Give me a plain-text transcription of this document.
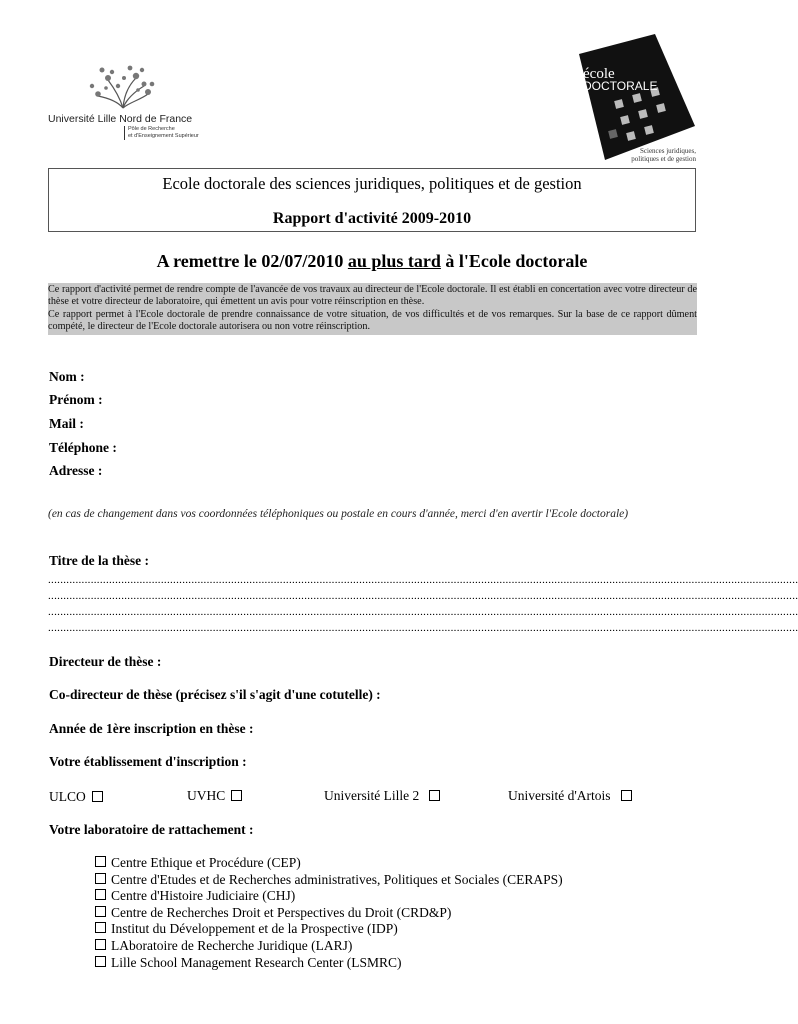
Université Lille Nord de France
Pôle de Recherche
et d'Enseignement Supérieur
école
DOCTORALE
Sciences juridiques,
politiques et de gestion
Ecole doctorale des sciences juridiques, politiques et de gestion
Rapport d'activité 2009-2010
A remettre le 02/07/2010 au plus tard à l'Ecole doctorale

Ce rapport d'activité permet de rendre compte de l'avancée de vos travaux au directeur de l'Ecole doctorale. Il est établi en concertation avec votre directeur de thèse et votre directeur de laboratoire, qui émettent un avis pour votre réinscription en thèse.

Ce rapport permet à l'Ecole doctorale de prendre connaissance de votre situation, de vos difficultés et de vos remarques. Sur la base de ce rapport dûment compété, le directeur de l'Ecole doctorale autorisera ou non votre réinscription.

Nom :
Prénom :
Mail :
Téléphone :
Adresse :
(en cas de changement dans vos coordonnées téléphoniques ou postale en cours d'année, merci d'en avertir l'Ecole doctorale)
Titre de la thèse :
......................................................................................................................................................................................................................................................
......................................................................................................................................................................................................................................................
......................................................................................................................................................................................................................................................
......................................................................................................................................................................................................................................................
Directeur de thèse :
Co-directeur de thèse (précisez s'il s'agit d'une cotutelle) :
Année de 1ère inscription en thèse :
Votre établissement d'inscription :
ULCO	UVHC	Université Lille 2	Université d'Artois
Votre laboratoire de rattachement :
Centre Ethique et Procédure (CEP)
Centre d'Etudes et de Recherches administratives, Politiques et Sociales (CERAPS)
Centre d'Histoire Judiciaire (CHJ)
Centre de Recherches Droit et Perspectives du Droit (CRD&P)
Institut du Développement et de la Prospective (IDP)
LAboratoire de Recherche Juridique (LARJ)
Lille School Management Research Center (LSMRC)
